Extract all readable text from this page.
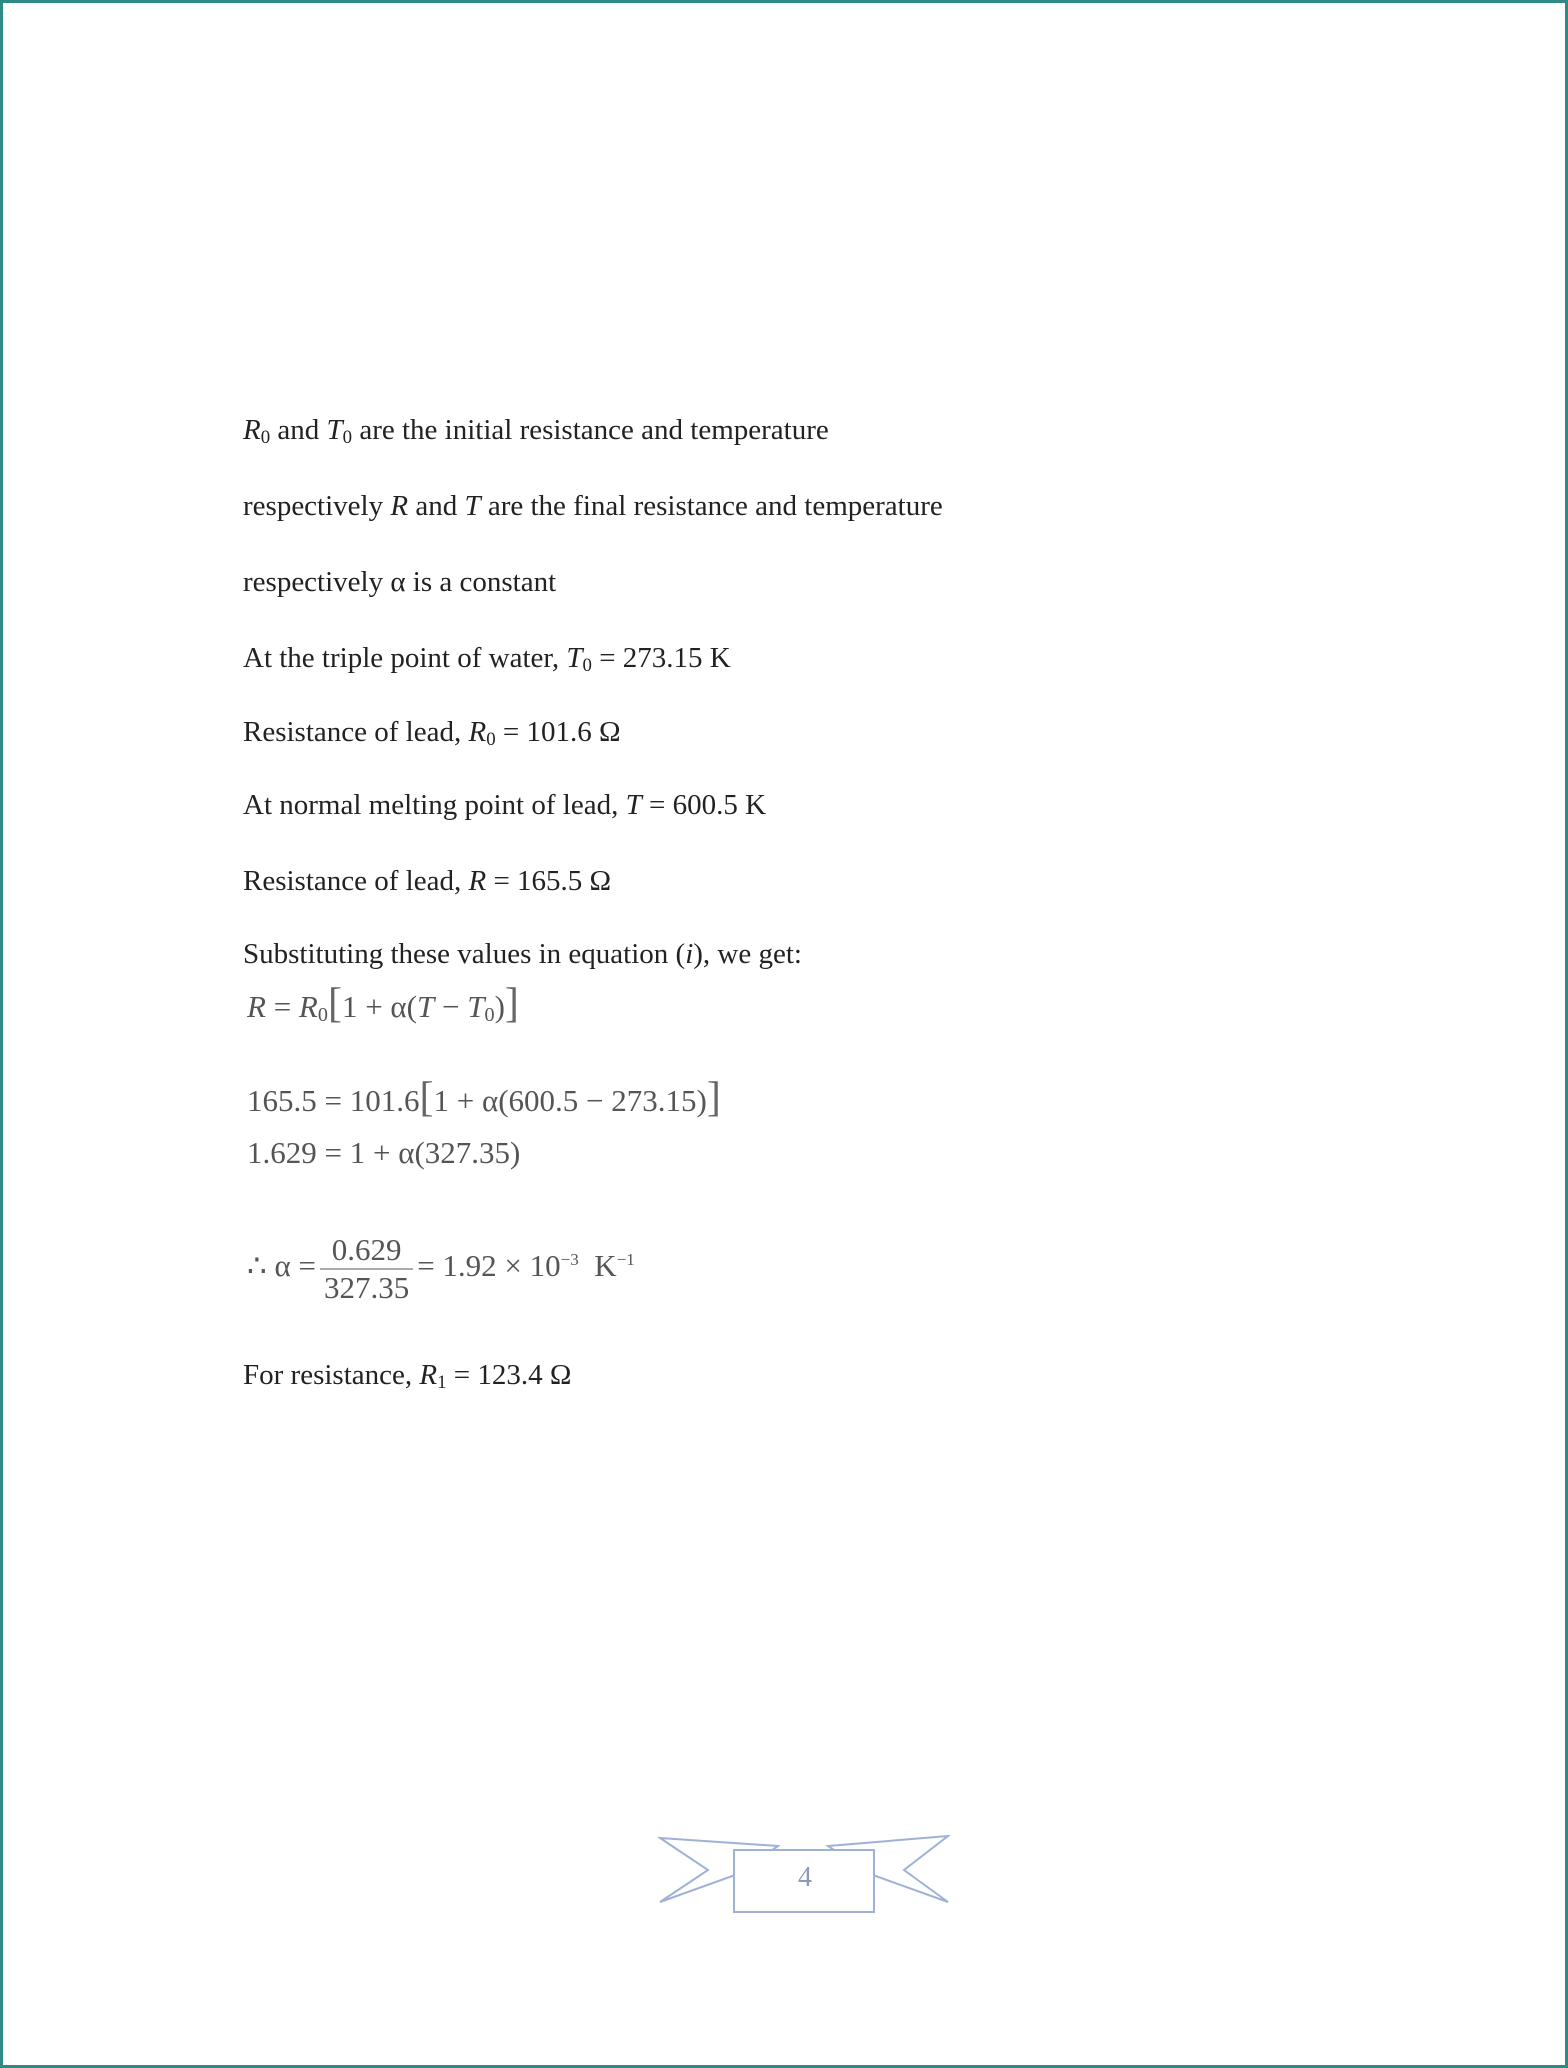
$R_0$ and $T_0$ are the initial resistance and temperature
respectively R and T are the final resistance and temperature
respectively α is a constant
At the triple point of water, $T_0 = 273.15$ K
Resistance of lead, $R_0 = 101.6$ Ω
At normal melting point of lead, T = 600.5 K
Resistance of lead, R = 165.5 Ω
Substituting these values in equation (i), we get:
$R = R_0[1 + \alpha(T - T_0)]$
165.5 = 101.6[1 + α(600.5 − 273.15)]
1.629 = 1 + α(327.35)
∴ $\alpha = \frac{0.629}{327.35} = 1.92 \times 10^{-3}$ $K^{-1}$
For resistance, $R_1 = 123.4$ Ω
4
